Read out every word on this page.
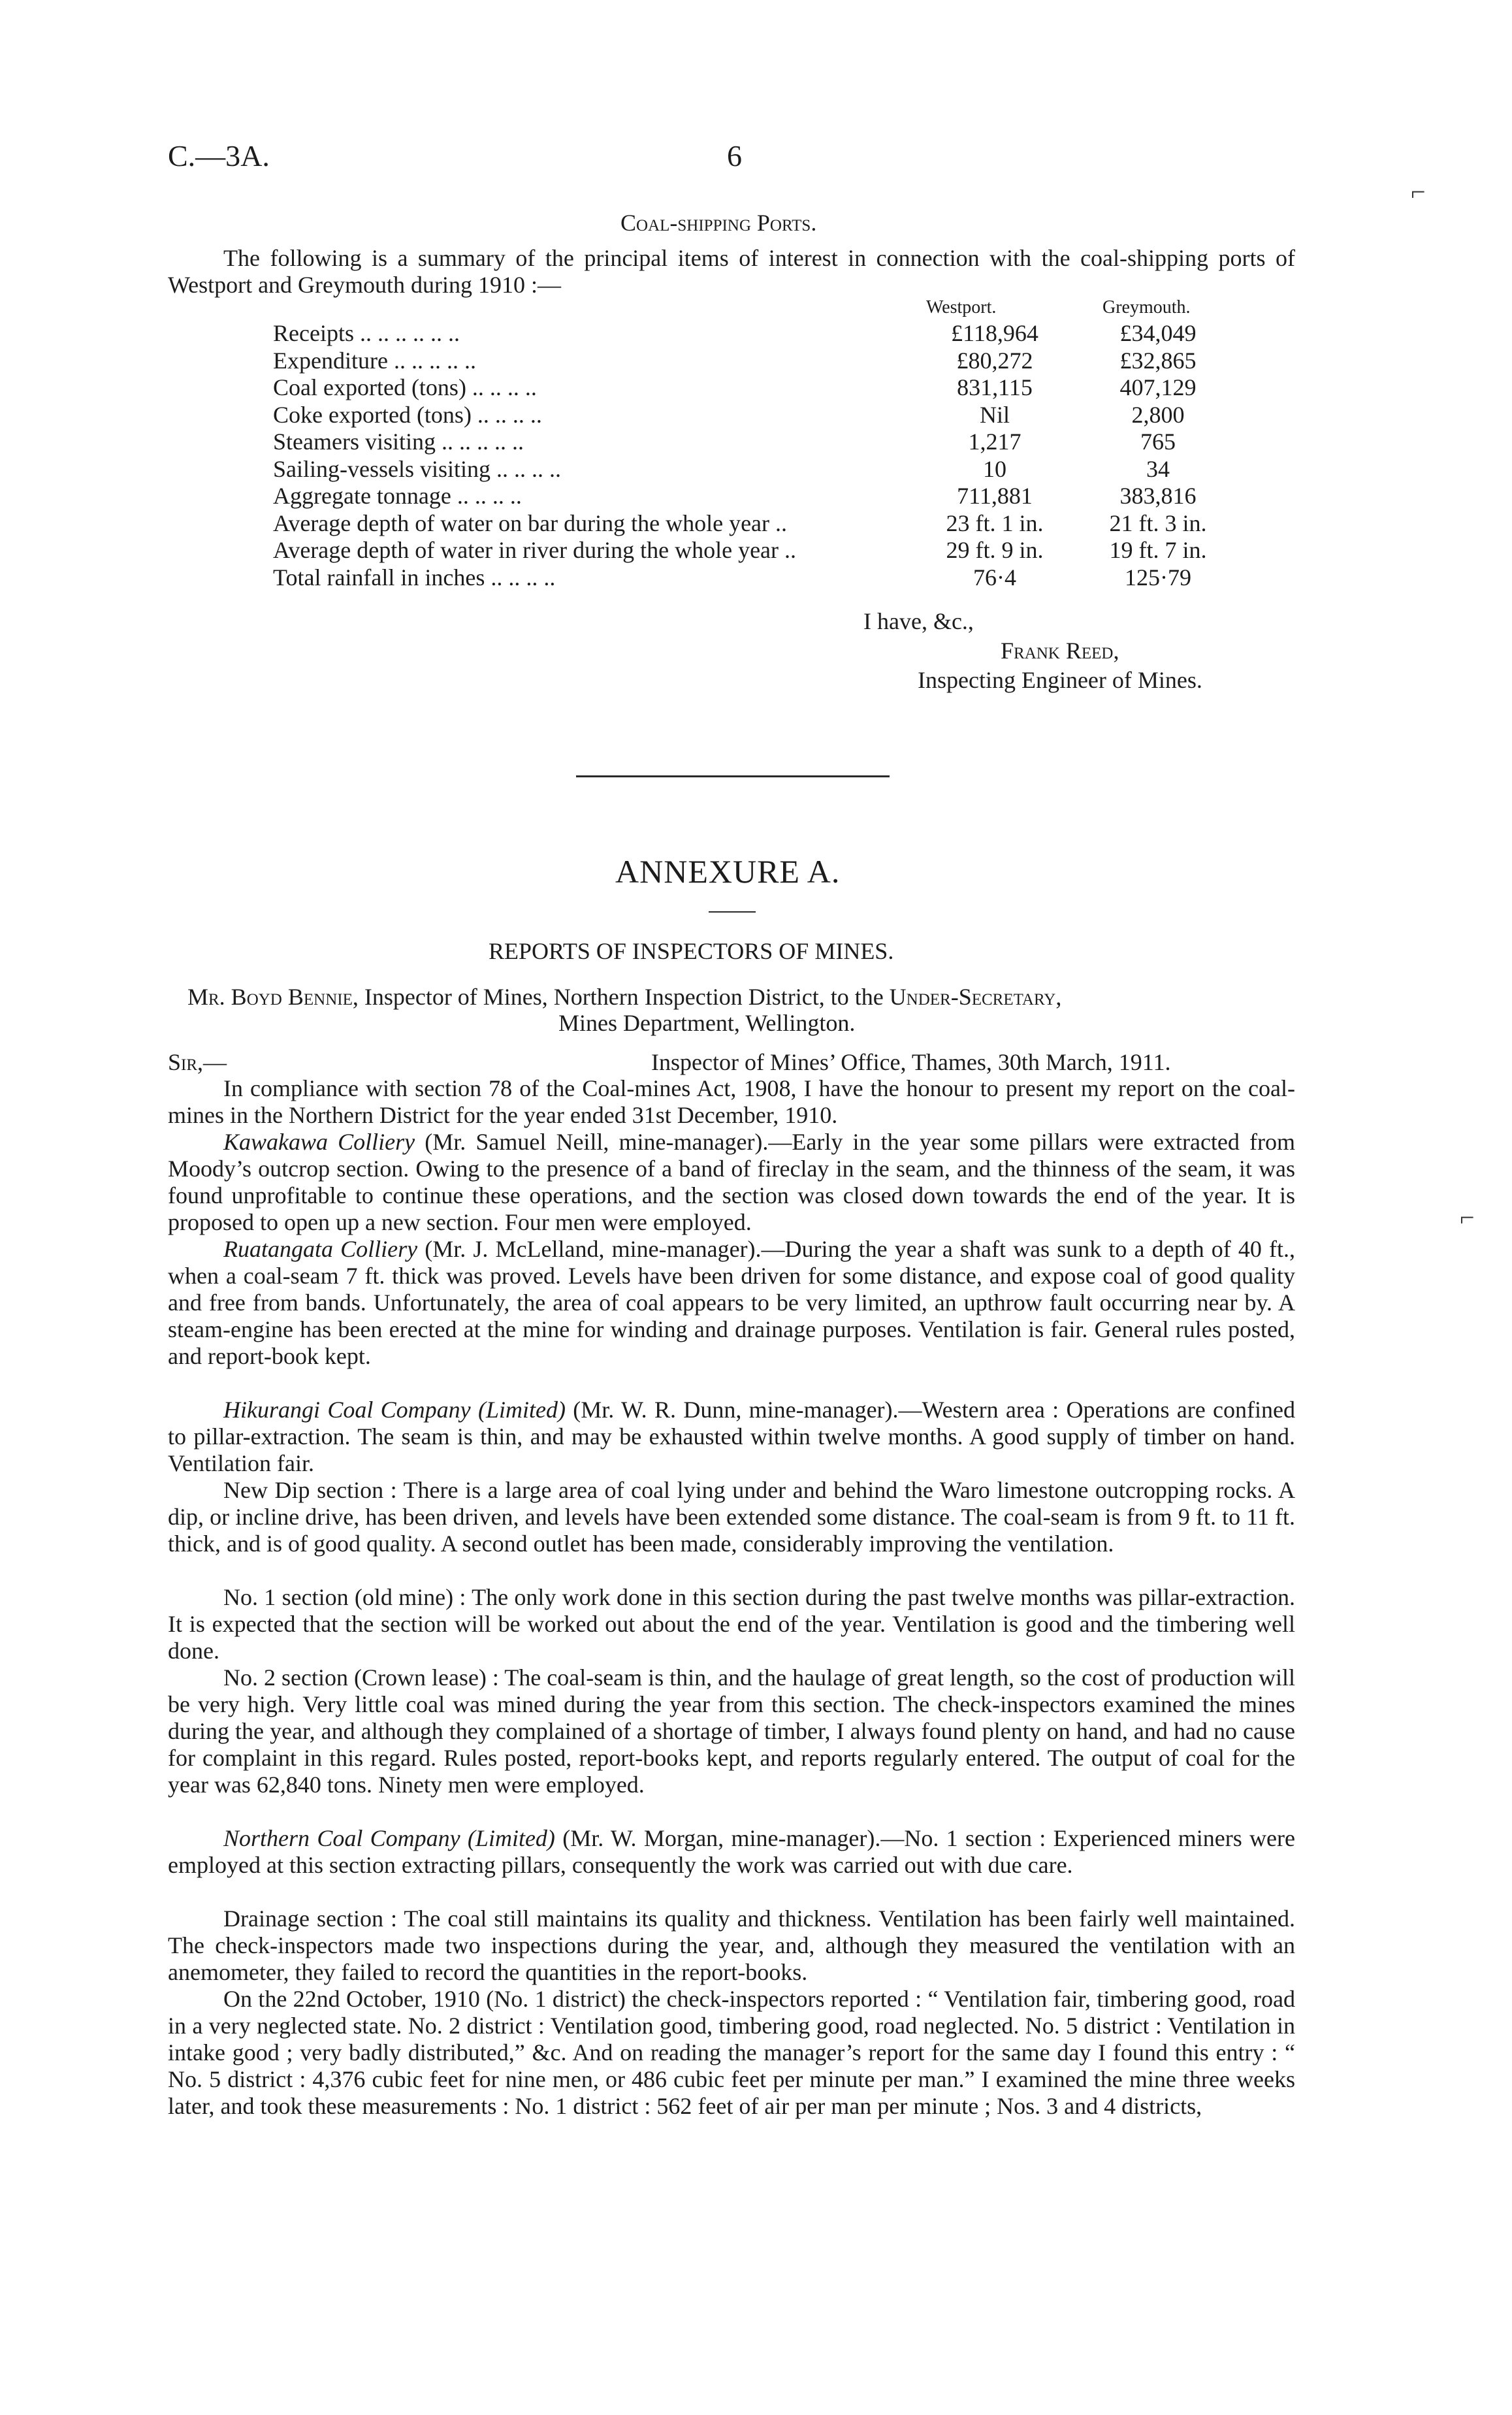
C.—3A.	6
⌐
⌐
Coal-shipping Ports.
The following is a summary of the principal items of interest in connection with the coal-shipping ports of Westport and Greymouth during 1910 :—
Westport.	Greymouth.
Receipts .. .. .. .. .. ..	£118,964	£34,049
Expenditure .. .. .. .. ..	£80,272	£32,865
Coal exported (tons) .. .. .. ..	831,115	407,129
Coke exported (tons) .. .. .. ..	Nil	2,800
Steamers visiting .. .. .. .. ..	1,217	765
Sailing-vessels visiting .. .. .. ..	10	34
Aggregate tonnage .. .. .. ..	711,881	383,816
Average depth of water on bar during the whole year ..	23 ft. 1 in.	21 ft. 3 in.
Average depth of water in river during the whole year ..	29 ft. 9 in.	19 ft. 7 in.
Total rainfall in inches .. .. .. ..	76·4	125·79
I have, &c.,
Frank Reed,
Inspecting Engineer of Mines.
ANNEXURE A.
REPORTS OF INSPECTORS OF MINES.
Mr. Boyd Bennie, Inspector of Mines, Northern Inspection District, to the Under-Secretary,
Mines Department, Wellington.
Sir,—	Inspector of Mines’ Office, Thames, 30th March, 1911.
In compliance with section 78 of the Coal-mines Act, 1908, I have the honour to present my report on the coal-mines in the Northern District for the year ended 31st December, 1910.
Kawakawa Colliery (Mr. Samuel Neill, mine-manager).—Early in the year some pillars were extracted from Moody’s outcrop section. Owing to the presence of a band of fireclay in the seam, and the thinness of the seam, it was found unprofitable to continue these operations, and the section was closed down towards the end of the year. It is proposed to open up a new section. Four men were employed.
Ruatangata Colliery (Mr. J. McLelland, mine-manager).—During the year a shaft was sunk to a depth of 40 ft., when a coal-seam 7 ft. thick was proved. Levels have been driven for some distance, and expose coal of good quality and free from bands. Unfortunately, the area of coal appears to be very limited, an upthrow fault occurring near by. A steam-engine has been erected at the mine for winding and drainage purposes. Ventilation is fair. General rules posted, and report-book kept.
Hikurangi Coal Company (Limited) (Mr. W. R. Dunn, mine-manager).—Western area : Operations are confined to pillar-extraction. The seam is thin, and may be exhausted within twelve months. A good supply of timber on hand. Ventilation fair.
New Dip section : There is a large area of coal lying under and behind the Waro limestone outcropping rocks. A dip, or incline drive, has been driven, and levels have been extended some distance. The coal-seam is from 9 ft. to 11 ft. thick, and is of good quality. A second outlet has been made, considerably improving the ventilation.
No. 1 section (old mine) : The only work done in this section during the past twelve months was pillar-extraction. It is expected that the section will be worked out about the end of the year. Ventilation is good and the timbering well done.
No. 2 section (Crown lease) : The coal-seam is thin, and the haulage of great length, so the cost of production will be very high. Very little coal was mined during the year from this section. The check-inspectors examined the mines during the year, and although they complained of a shortage of timber, I always found plenty on hand, and had no cause for complaint in this regard. Rules posted, report-books kept, and reports regularly entered. The output of coal for the year was 62,840 tons. Ninety men were employed.
Northern Coal Company (Limited) (Mr. W. Morgan, mine-manager).—No. 1 section : Experienced miners were employed at this section extracting pillars, consequently the work was carried out with due care.
Drainage section : The coal still maintains its quality and thickness. Ventilation has been fairly well maintained. The check-inspectors made two inspections during the year, and, although they measured the ventilation with an anemometer, they failed to record the quantities in the report-books.
On the 22nd October, 1910 (No. 1 district) the check-inspectors reported : “ Ventilation fair, timbering good, road in a very neglected state. No. 2 district : Ventilation good, timbering good, road neglected. No. 5 district : Ventilation in intake good ; very badly distributed,” &c. And on reading the manager’s report for the same day I found this entry : “ No. 5 district : 4,376 cubic feet for nine men, or 486 cubic feet per minute per man.” I examined the mine three weeks later, and took these measurements : No. 1 district : 562 feet of air per man per minute ; Nos. 3 and 4 districts,
